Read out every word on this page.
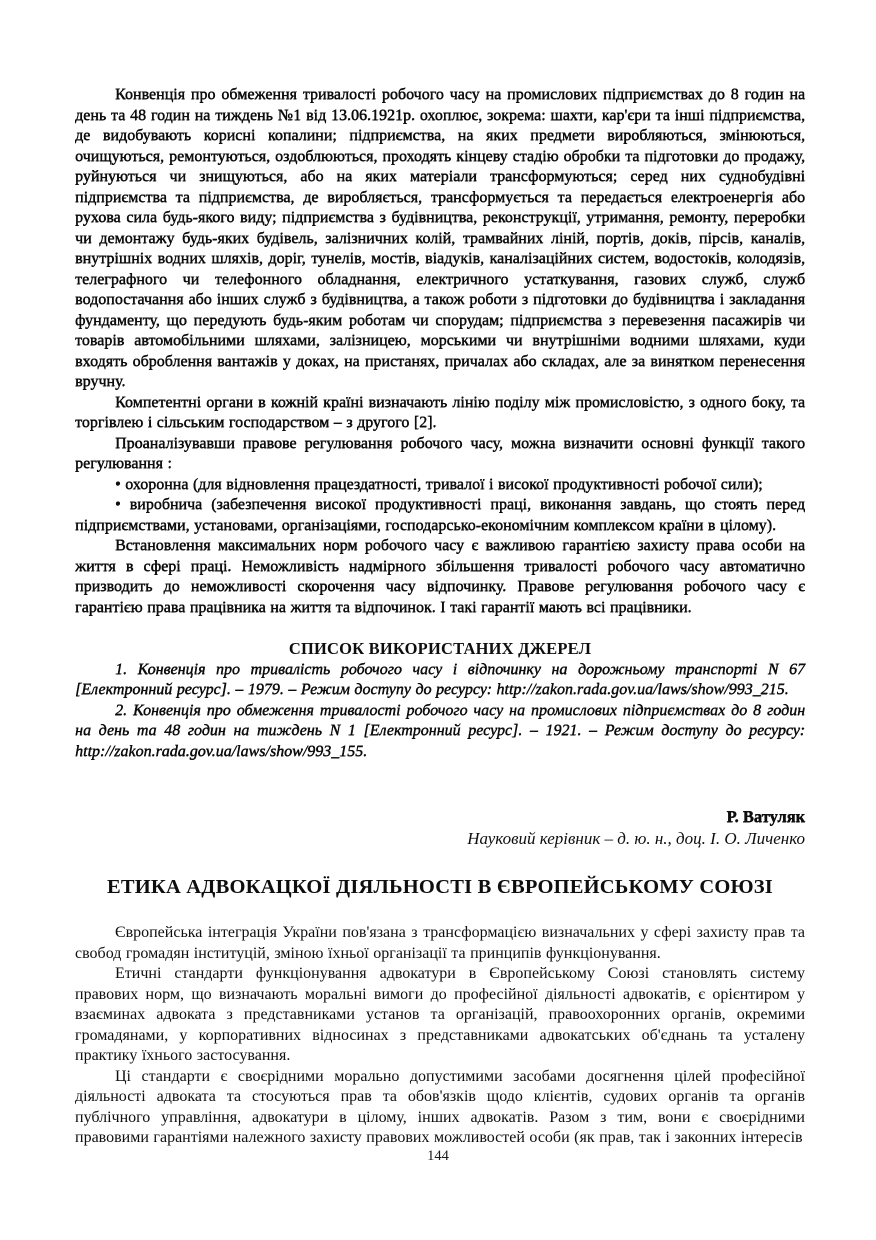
Конвенція про обмеження тривалості робочого часу на промислових підприємствах до 8 годин на день та 48 годин на тиждень №1 від 13.06.1921р. охоплює, зокрема: шахти, кар'єри та інші підприємства, де видобувають корисні копалини; підприємства, на яких предмети виробляються, змінюються, очищуються, ремонтуються, оздоблюються, проходять кінцеву стадію обробки та підготовки до продажу, руйнуються чи знищуються, або на яких матеріали трансформуються; серед них суднобудівні підприємства та підприємства, де виробляється, трансформується та передається електроенергія або рухова сила будь-якого виду; підприємства з будівництва, реконструкції, утримання, ремонту, переробки чи демонтажу будь-яких будівель, залізничних колій, трамвайних ліній, портів, доків, пірсів, каналів, внутрішніх водних шляхів, доріг, тунелів, мостів, віадуків, каналізаційних систем, водостоків, колодязів, телеграфного чи телефонного обладнання, електричного устаткування, газових служб, служб водопостачання або інших служб з будівництва, а також роботи з підготовки до будівництва і закладання фундаменту, що передують будь-яким роботам чи спорудам; підприємства з перевезення пасажирів чи товарів автомобільними шляхами, залізницею, морськими чи внутрішніми водними шляхами, куди входять оброблення вантажів у доках, на пристанях, причалах або складах, але за винятком перенесення вручну.

Компетентні органи в кожній країні визначають лінію поділу між промисловістю, з одного боку, та торгівлею і сільським господарством – з другого [2].

Проаналізувавши правове регулювання робочого часу, можна визначити основні функції такого регулювання :

• охоронна (для відновлення працездатності, тривалої і високої продуктивності робочої сили);

• виробнича (забезпечення високої продуктивності праці, виконання завдань, що стоять перед підприємствами, установами, організаціями, господарсько-економічним комплексом країни в цілому).

Встановлення максимальних норм робочого часу є важливою гарантією захисту права особи на життя в сфері праці. Неможливість надмірного збільшення тривалості робочого часу автоматично призводить до неможливості скорочення часу відпочинку. Правове регулювання робочого часу є гарантією права працівника на життя та відпочинок. І такі гарантії мають всі працівники.

СПИСОК ВИКОРИСТАНИХ ДЖЕРЕЛ

1. Конвенція про тривалість робочого часу і відпочинку на дорожньому транспорті N 67 [Електронний ресурс]. – 1979. – Режим доступу до ресурсу: http://zakon.rada.gov.ua/laws/show/993_215.

2. Конвенція про обмеження тривалості робочого часу на промислових підприємствах до 8 годин на день та 48 годин на тиждень N 1 [Електронний ресурс]. – 1921. – Режим доступу до ресурсу: http://zakon.rada.gov.ua/laws/show/993_155.

Р. Ватуляк
Науковий керівник – д. ю. н., доц. І. О. Личенко
ЕТИКА АДВОКАЦКОЇ ДІЯЛЬНОСТІ В ЄВРОПЕЙСЬКОМУ СОЮЗІ

Європейська інтеграція України пов'язана з трансформацією визначальних у сфері захисту прав та свобод громадян інституцій, зміною їхньої організації та принципів функціонування.

Етичні стандарти функціонування адвокатури в Європейському Союзі становлять систему правових норм, що визначають моральні вимоги до професійної діяльності адвокатів, є орієнтиром у взаєминах адвоката з представниками установ та організацій, правоохоронних органів, окремими громадянами, у корпоративних відносинах з представниками адвокатських об'єднань та усталену практику їхнього застосування.

Ці стандарти є своєрідними морально допустимими засобами досягнення цілей професійної діяльності адвоката та стосуються прав та обов'язків щодо клієнтів, судових органів та органів публічного управління, адвокатури в цілому, інших адвокатів. Разом з тим, вони є своєрідними правовими гарантіями належного захисту правових можливостей особи (як прав, так і законних інтересів

144
